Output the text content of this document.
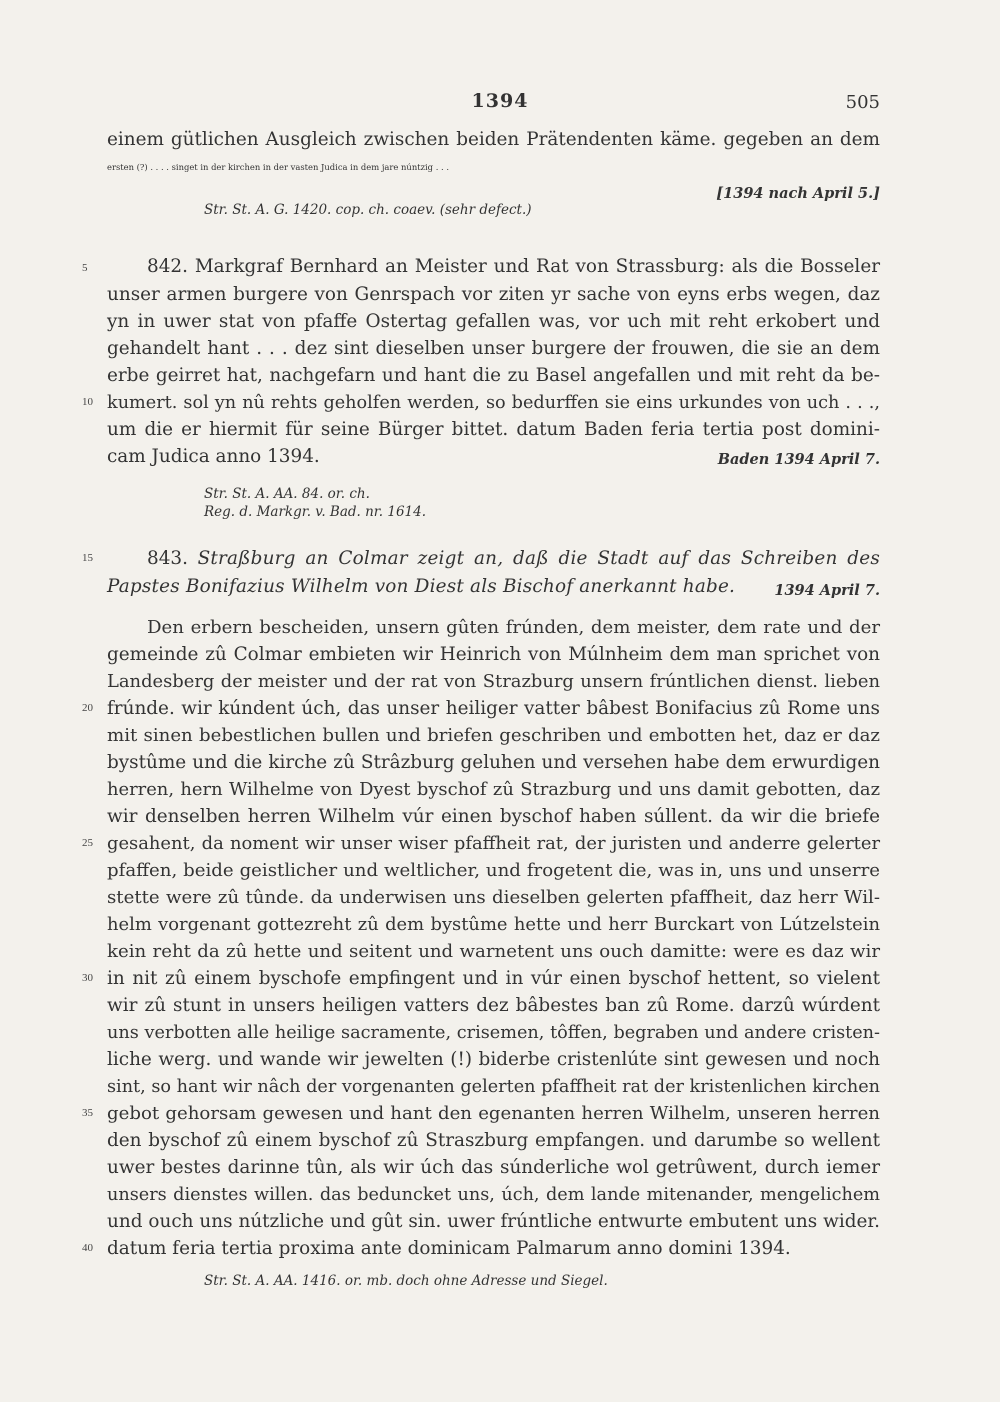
1394	505
einem gütlichen Ausgleich zwischen beiden Prätendenten käme. gegeben an dem
ersten (?) . . . . singet in der kirchen in der vasten Judica in dem jare núntzig . . .
[1394 nach April 5.]
Str. St. A. G. 1420. cop. ch. coaev. (sehr defect.)
5	842. Markgraf Bernhard an Meister und Rat von Strassburg: als die Bosseler
unser armen burgere von Genrspach vor ziten yr sache von eyns erbs wegen, daz
yn in uwer stat von pfaffe Ostertag gefallen was, vor uch mit reht erkobert und
gehandelt hant . . . dez sint dieselben unser burgere der frouwen, die sie an dem
erbe geirret hat, nachgefarn und hant die zu Basel angefallen und mit reht da be-
10 kumert. sol yn nû rehts geholfen werden, so bedurffen sie eins urkundes von uch . . .,
um die er hiermit für seine Bürger bittet. datum Baden feria tertia post domini-
cam Judica anno 1394.	Baden 1394 April 7.
Str. St. A. AA. 84. or. ch.
Reg. d. Markgr. v. Bad. nr. 1614.
15	843. Straßburg an Colmar zeigt an, daß die Stadt auf das Schreiben des
Papstes Bonifazius Wilhelm von Diest als Bischof anerkannt habe.	1394 April 7.
Den erbern bescheiden, unsern gûten frúnden, dem meister, dem rate und der
gemeinde zû Colmar embieten wir Heinrich von Múlnheim dem man sprichet von
Landesberg der meister und der rat von Strazburg unsern frúntlichen dienst. lieben
20 frúnde. wir kúndent úch, das unser heiliger vatter bâbest Bonifacius zû Rome uns
mit sinen bebestlichen bullen und briefen geschriben und embotten het, daz er daz
bystûme und die kirche zû Strâzburg geluhen und versehen habe dem erwurdigen
herren, hern Wilhelme von Dyest byschof zû Strazburg und uns damit gebotten, daz
wir denselben herren Wilhelm vúr einen byschof haben súllent. da wir die briefe
25 gesahent, da noment wir unser wiser pfaffheit rat, der juristen und anderre gelerter
pfaffen, beide geistlicher und weltlicher, und frogetent die, was in, uns und unserre
stette were zû tûnde. da underwisen uns dieselben gelerten pfaffheit, daz herr Wil-
helm vorgenant gottezreht zû dem bystûme hette und herr Burckart von Lútzelstein
kein reht da zû hette und seitent und warnetent uns ouch damitte: were es daz wir
30 in nit zû einem byschofe empfingent und in vúr einen byschof hettent, so vielent
wir zû stunt in unsers heiligen vatters dez bâbestes ban zû Rome. darzû wúrdent
uns verbotten alle heilige sacramente, crisemen, tôffen, begraben und andere cristen-
liche werg. und wande wir jewelten (!) biderbe cristenlúte sint gewesen und noch
sint, so hant wir nâch der vorgenanten gelerten pfaffheit rat der kristenlichen kirchen
35 gebot gehorsam gewesen und hant den egenanten herren Wilhelm, unseren herren
den byschof zû einem byschof zû Straszburg empfangen. und darumbe so wellent
uwer bestes darinne tûn, als wir úch das súnderliche wol getrûwent, durch iemer
unsers dienstes willen. das beduncket uns, úch, dem lande mitenander, mengelichem
und ouch uns nútzliche und gût sin. uwer frúntliche entwurte embutent uns wider.
40 datum feria tertia proxima ante dominicam Palmarum anno domini 1394.
Str. St. A. AA. 1416. or. mb. doch ohne Adresse und Siegel.
